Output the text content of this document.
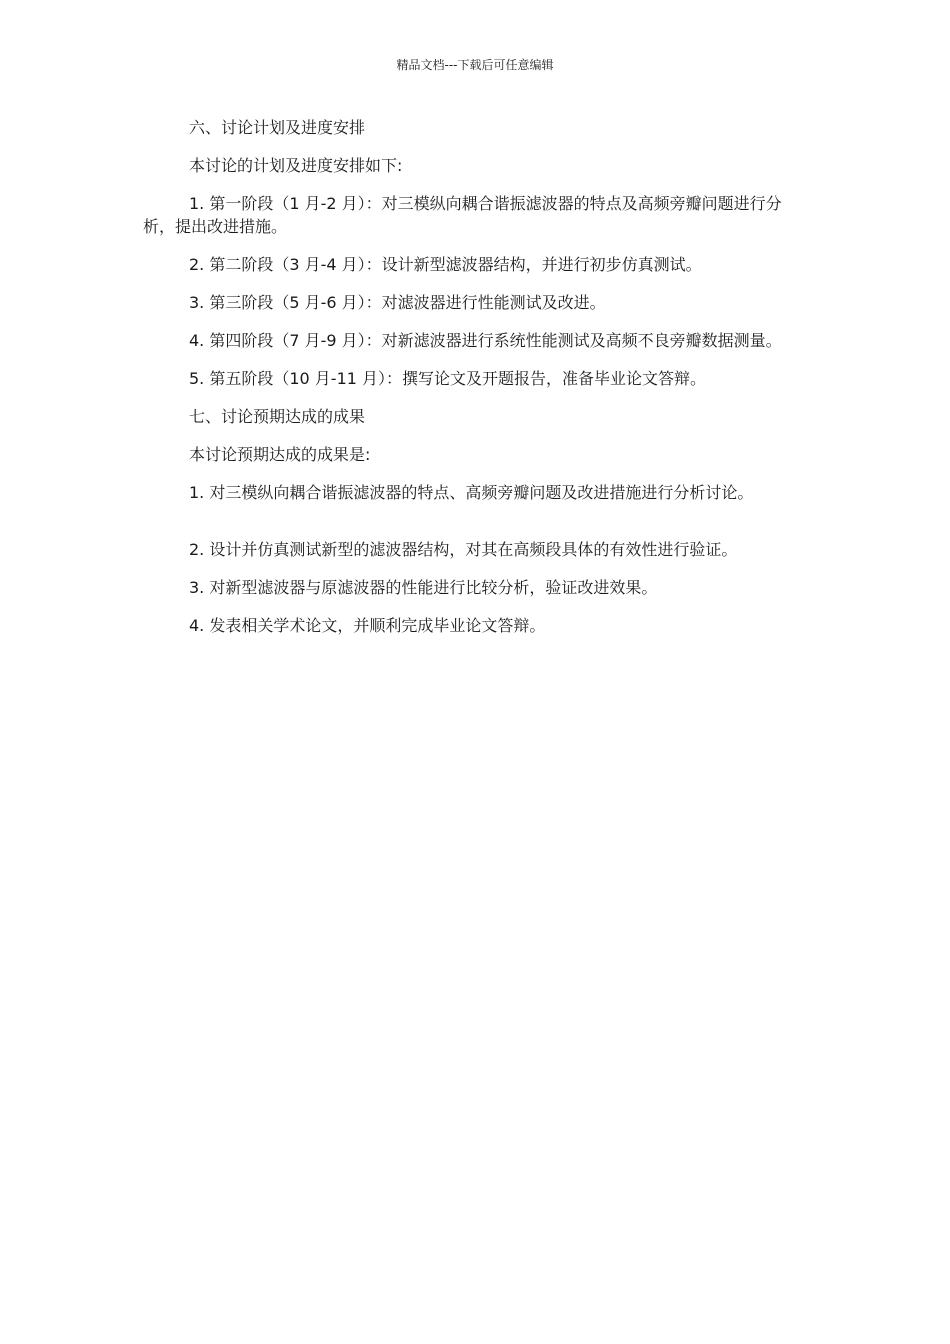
精品文档---下载后可任意编辑

六、讨论计划及进度安排

本讨论的计划及进度安排如下:

1. 第一阶段（1 月-2 月）：对三模纵向耦合谐振滤波器的特点及高频旁瓣问题进行分析，提出改进措施。

2. 第二阶段（3 月-4 月）：设计新型滤波器结构，并进行初步仿真测试。

3. 第三阶段（5 月-6 月）：对滤波器进行性能测试及改进。

4. 第四阶段（7 月-9 月）：对新滤波器进行系统性能测试及高频不良旁瓣数据测量。

5. 第五阶段（10 月-11 月）：撰写论文及开题报告，准备毕业论文答辩。

七、讨论预期达成的成果

本讨论预期达成的成果是:

1. 对三模纵向耦合谐振滤波器的特点、高频旁瓣问题及改进措施进行分析讨论。

2. 设计并仿真测试新型的滤波器结构，对其在高频段具体的有效性进行验证。

3. 对新型滤波器与原滤波器的性能进行比较分析，验证改进效果。

4. 发表相关学术论文，并顺利完成毕业论文答辩。
